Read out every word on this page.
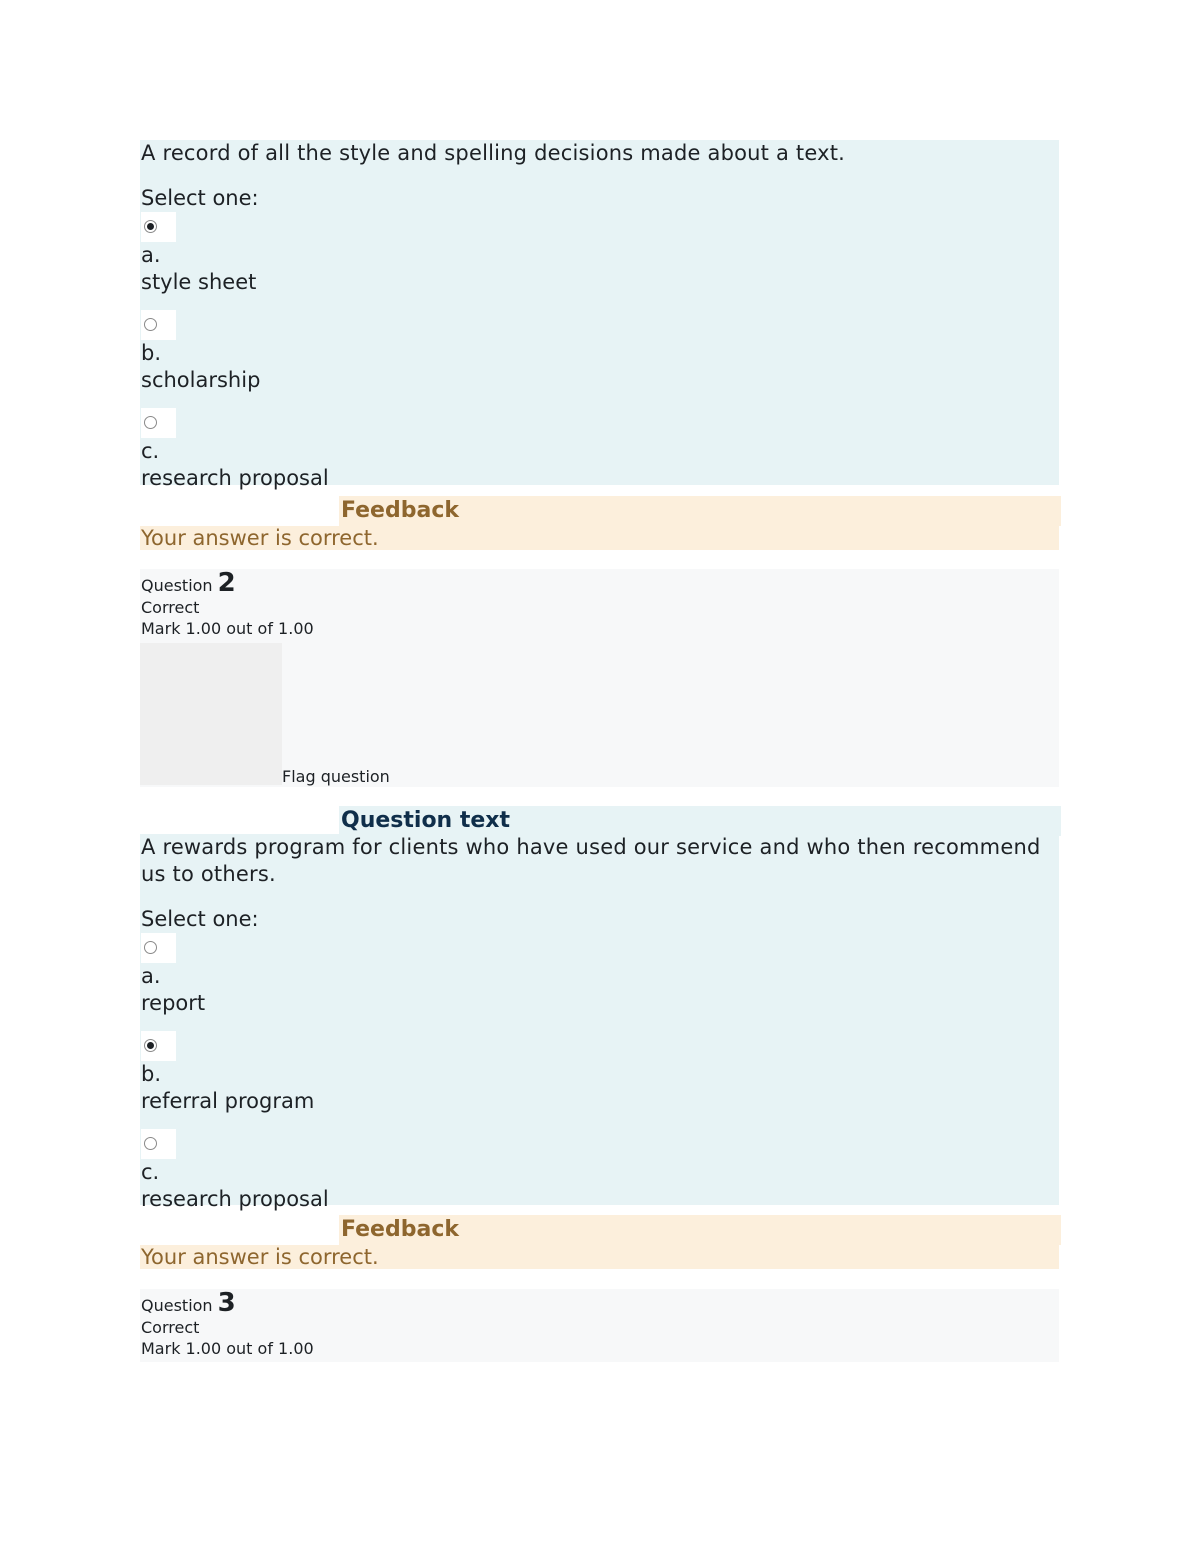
A record of all the style and spelling decisions made about a text.

Select one:
a.
style sheet
b.
scholarship
c.
research proposal
Feedback
Your answer is correct.
Question 2
Correct
Mark 1.00 out of 1.00
Flag question
Question text

A rewards program for clients who have used our service and who then recommend us to others.

Select one:
a.
report
b.
referral program
c.
research proposal
Feedback
Your answer is correct.
Question 3
Correct
Mark 1.00 out of 1.00
